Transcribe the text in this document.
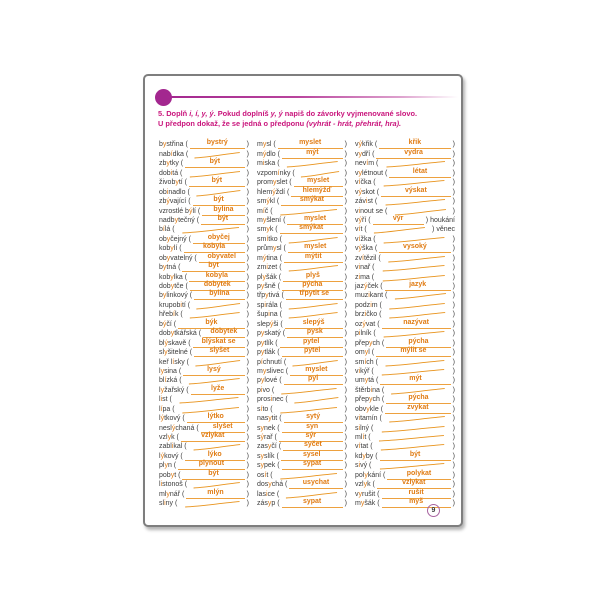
5. Doplň i, í, y, ý. Pokud doplníš y, ý napiš do závorky vyjmenované slovo.
U předpon dokaž, že se jedná o předponu (vyhrát - hrát, přehrát, hra).
bystřina (	bystrý	)
nabídka (	)
zbytky (	být	)
dobitá (	)
živobytí (	být	)
obinadlo (	)
zbývající (	být	)
vzrostlé býlí (	bylina	)
nadbytečný (	být	)
bílá (	)
obyčejný (	obyčej	)
kobylí (	kobyla	)
obyvatelný (	obyvatel	)
bytná (	byt	)
kobylka (	kobyla	)
dobytče (	dobytek	)
bylinkový (	bylina	)
krupobití (	)
hřebík (	)
býčí (	býk	)
dobytkářská (	dobytek	)
blýskavě (	blýskat se	)
slyšitelné (	slyšet	)
keř lísky (	)
lysina (	lysý	)
blízká (	)
lyžařský (	lyže	)
list (	)
lípa (	)
lýtkový (	lýtko	)
neslýchaná (	slyšet	)
vzlyk (	vzlykat	)
zablikal (	)
lýkový (	lýko	)
plyn (	plynout	)
pobyt (	být	)
listonoš (	)
mlynář (	mlýn	)
sliny (	)
mysl (	myslet	)
mýdlo (	mýt	)
miska (	)
vzpomínky (	)
promyslet (	myslet	)
hlemýždí (	hlemýžď	)
smýkl (	smýkat	)
míč (	)
myšlení (	myslet	)
smyk (	smýkat	)
smítko (	)
průmysl (	myslet	)
mýtina (	mýtit	)
zmizet (	)
plyšák (	plyš	)
pyšně (	pýcha	)
třpytivá (	třpytit se	)
spirála (	)
šupina (	)
slepýši (	slepýš	)
pyskatý (	pysk	)
pytlík (	pytel	)
pytlák (	pytel	)
píchnutí (	)
myslivec (	myslet	)
pylové (	pyl	)
pivo (	)
prosinec (	)
síto (	)
nasytit (	sytý	)
synek (	syn	)
sýrař (	sýr	)
zasyčí (	syčet	)
syslík (	sysel	)
sypek (	sypat	)
osít (	)
dosychá (	usychat	)
lasice (	)
zásyp (	sypat	)
výkřik (	křik	)
vydří (	vydra	)
nevím (	)
vylétnout (	létat	)
víčka (	)
výskot (	výskat	)
závist (	)
vinout se (	)
výří (	výr	) houkání
vít (	) věnec
vížka (	)
výška (	vysoký	)
zvítězil (	)
vinař (	)
zima (	)
jazýček (	jazyk	)
muzikant (	)
podzim (	)
brzičko (	)
ozývat (	nazývat	)
pilník (	)
přepych (	pýcha	)
omyl (	mýlit se	)
smích (	)
vikýř (	)
umytá (	mýt	)
štěrbina (	)
přepych (	pýcha	)
obvykle (	zvykat	)
vitamín (	)
silný (	)
mlít (	)
vítat (	)
kdyby (	být	)
sivý (	)
polykání (	polykat	)
vzlyk (	vzlykat	)
vyrušit (	rušit	)
myšák (	myš	)
9
